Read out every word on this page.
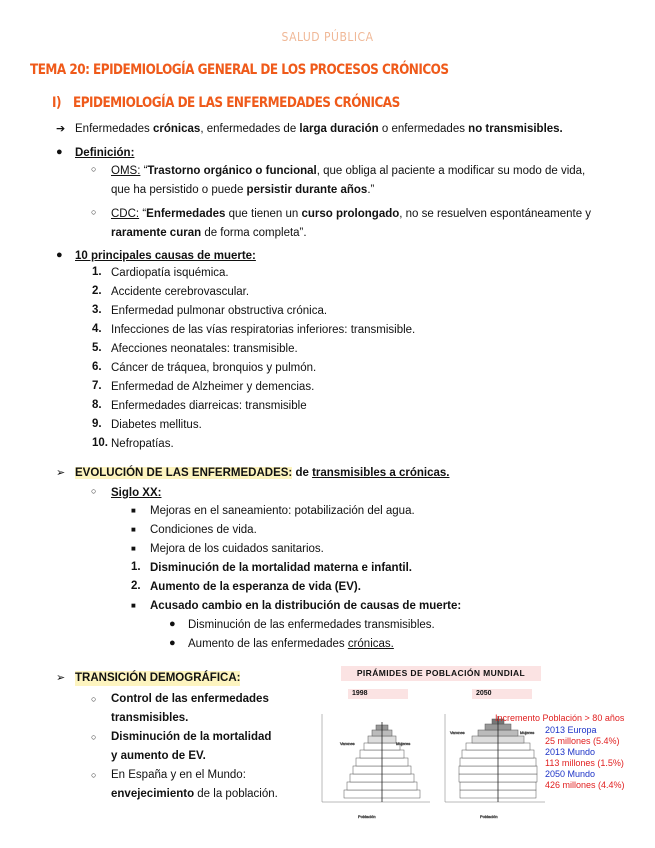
SALUD PÚBLICA
TEMA 20: EPIDEMIOLOGÍA GENERAL DE LOS PROCESOS CRÓNICOS
I) EPIDEMIOLOGÍA DE LAS ENFERMEDADES CRÓNICAS
➔ Enfermedades crónicas, enfermedades de larga duración o enfermedades no transmisibles.
● Definición:
○ OMS: “Trastorno orgánico o funcional, que obliga al paciente a modificar su modo de vida,
que ha persistido o puede persistir durante años.”
○ CDC: “Enfermedades que tienen un curso prolongado, no se resuelven espontáneamente y
raramente curan de forma completa”.
● 10 principales causas de muerte:
1. Cardiopatía isquémica.
2. Accidente cerebrovascular.
3. Enfermedad pulmonar obstructiva crónica.
4. Infecciones de las vías respiratorias inferiores: transmisible.
5. Afecciones neonatales: transmisible.
6. Cáncer de tráquea, bronquios y pulmón.
7. Enfermedad de Alzheimer y demencias.
8. Enfermedades diarreicas: transmisible
9. Diabetes mellitus.
10. Nefropatías.
➢ EVOLUCIÓN DE LAS ENFERMEDADES: de transmisibles a crónicas.
○ Siglo XX:
■ Mejoras en el saneamiento: potabilización del agua.
■ Condiciones de vida.
■ Mejora de los cuidados sanitarios.
1. Disminución de la mortalidad materna e infantil.
2. Aumento de la esperanza de vida (EV).
■ Acusado cambio en la distribución de causas de muerte:
● Disminución de las enfermedades transmisibles.
● Aumento de las enfermedades crónicas.
➢ TRANSICIÓN DEMOGRÁFICA:
○ Control de las enfermedades
transmisibles.
○ Disminución de la mortalidad
y aumento de EV.
○ En España y en el Mundo:
envejecimiento de la población.
PIRÁMIDES DE POBLACIÓN MUNDIAL
1998	2050
Varones	Mujeres
Población
Varones	Mujeres
Población
Incremento Población > 80 años
2013 Europa
25 millones (5.4%)
2013 Mundo
113 millones (1.5%)
2050 Mundo
426 millones (4.4%)
